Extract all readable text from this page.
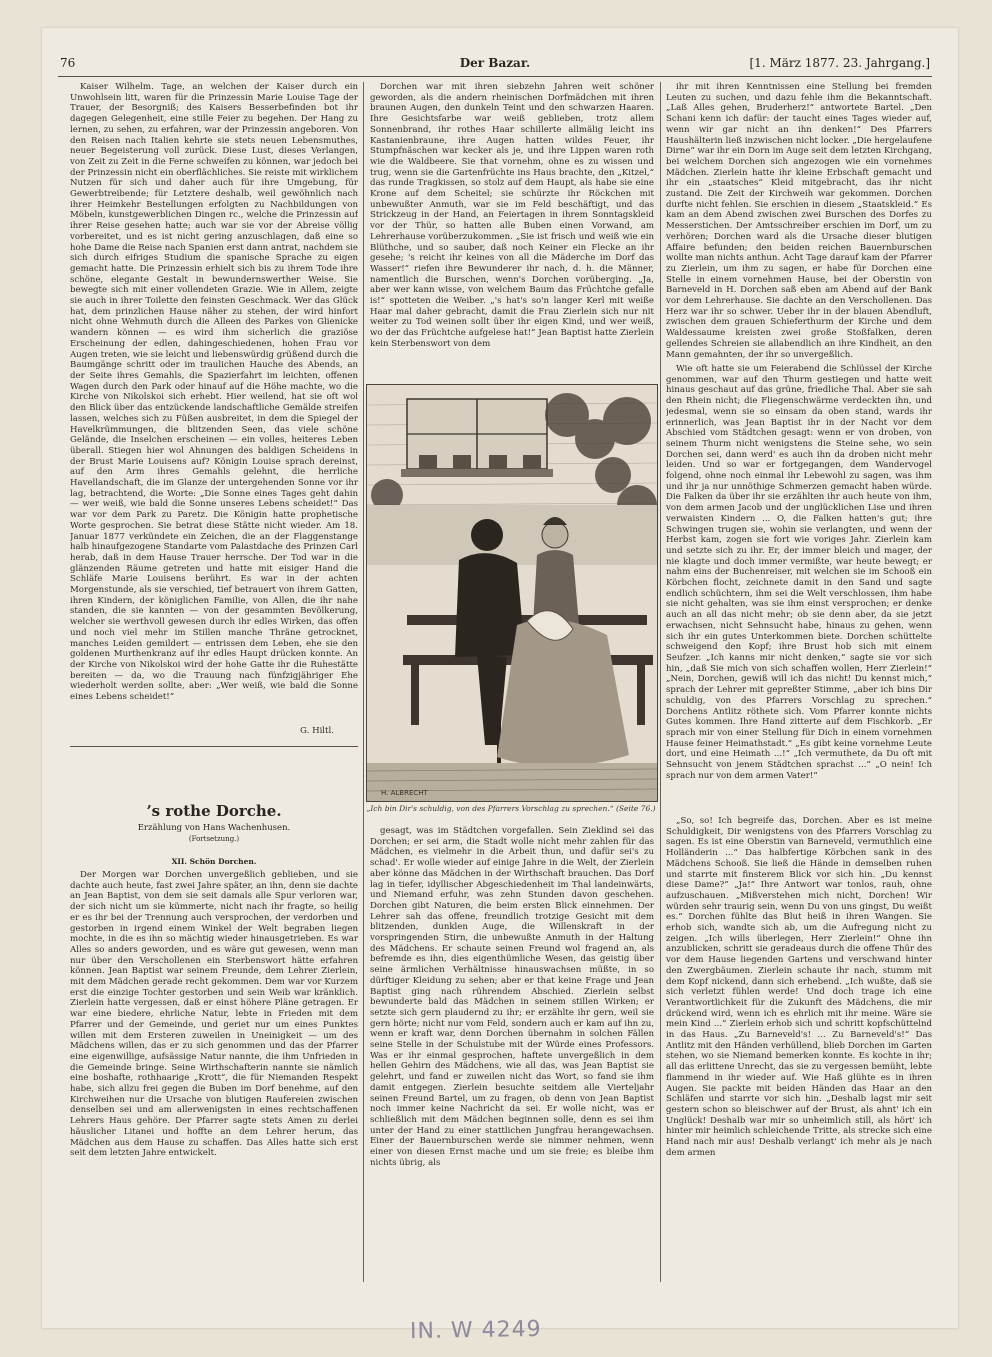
76	Der Bazar.	[1. März 1877. 23. Jahrgang.]

Kaiser Wilhelm. Tage, an welchen der Kaiser durch ein Unwohlsein litt, waren für die Prinzessin Marie Louise Tage der Trauer, der Besorgniß; des Kaisers Besserbefinden bot ihr dagegen Gelegenheit, eine stille Feier zu begehen. Der Hang zu lernen, zu sehen, zu erfahren, war der Prinzessin angeboren. Von den Reisen nach Italien kehrte sie stets neuen Lebensmuthes, neuer Begeisterung voll zurück. Diese Lust, dieses Verlangen, von Zeit zu Zeit in die Ferne schweifen zu können, war jedoch bei der Prinzessin nicht ein oberflächliches. Sie reiste mit wirklichem Nutzen für sich und daher auch für ihre Umgebung, für Gewerbtreibende; für Letztere deshalb, weil gewöhnlich nach ihrer Heimkehr Bestellungen erfolgten zu Nachbildungen von Möbeln, kunstgewerblichen Dingen rc., welche die Prinzessin auf ihrer Reise gesehen hatte; auch war sie vor der Abreise völlig vorbereitet, und es ist nicht gering anzuschlagen, daß eine so hohe Dame die Reise nach Spanien erst dann antrat, nachdem sie sich durch eifriges Studium die spanische Sprache zu eigen gemacht hatte. Die Prinzessin erhielt sich bis zu ihrem Tode ihre schöne, elegante Gestalt in bewundernswerther Weise. Sie bewegte sich mit einer vollendeten Grazie. Wie in Allem, zeigte sie auch in ihrer Toilette den feinsten Geschmack. Wer das Glück hat, dem prinzlichen Hause näher zu stehen, der wird hinfort nicht ohne Wehmuth durch die Alleen des Parkes von Glienicke wandern können — es wird ihm sicherlich die graziöse Erscheinung der edlen, dahingeschiedenen, hohen Frau vor Augen treten, wie sie leicht und liebenswürdig grüßend durch die Baumgänge schritt oder im traulichen Hauche des Abends, an der Seite ihres Gemahls, die Spazierfahrt im leichten, offenen Wagen durch den Park oder hinauf auf die Höhe machte, wo die Kirche von Nikolskoi sich erhebt. Hier weilend, hat sie oft wol den Blick über das entzückende landschaftliche Gemälde streifen lassen, welches sich zu Füßen ausbreitet, in dem die Spiegel der Havelkrümmungen, die blitzenden Seen, das viele schöne Gelände, die Inselchen erscheinen — ein volles, heiteres Leben überall. Stiegen hier wol Ahnungen des baldigen Scheidens in der Brust Marie Louisens auf? Königin Louise sprach dereinst, auf den Arm ihres Gemahls gelehnt, die herrliche Havellandschaft, die im Glanze der untergehenden Sonne vor ihr lag, betrachtend, die Worte: „Die Sonne eines Tages geht dahin — wer weiß, wie bald die Sonne unseres Lebens scheidet!“ Das war vor dem Park zu Paretz. Die Königin hatte prophetische Worte gesprochen. Sie betrat diese Stätte nicht wieder. Am 18. Januar 1877 verkündete ein Zeichen, die an der Flaggenstange halb hinaufgezogene Standarte vom Palastdache des Prinzen Carl herab, daß in dem Hause Trauer herrsche. Der Tod war in die glänzenden Räume getreten und hatte mit eisiger Hand die Schläfe Marie Louisens berührt. Es war in der achten Morgenstunde, als sie verschied, tief betrauert von ihrem Gatten, ihren Kindern, der königlichen Familie, von Allen, die ihr nahe standen, die sie kannten — von der gesammten Bevölkerung, welcher sie werthvoll gewesen durch ihr edles Wirken, das offen und noch viel mehr im Stillen manche Thräne getrocknet, manches Leiden gemildert — entrissen dem Leben, ehe sie den goldenen Murthenkranz auf ihr edles Haupt drücken konnte. An der Kirche von Nikolskoi wird der hohe Gatte ihr die Ruhestätte bereiten — da, wo die Trauung nach fünfzigjähriger Ehe wiederholt werden sollte, aber: „Wer weiß, wie bald die Sonne eines Lebens scheidet!“

G. Hiltl.

’s rothe Dorche.
Erzählung von Hans Wachenhusen.
(Fortsetzung.)
XII. Schön Dorchen.

Der Morgen war Dorchen unvergeßlich geblieben, und sie dachte auch heute, fast zwei Jahre später, an ihn, denn sie dachte an Jean Baptist, von dem sie seit damals alle Spur verloren war, der sich nicht um sie kümmerte, nicht nach ihr fragte, so heilig er es ihr bei der Trennung auch versprochen, der verdorben und gestorben in irgend einem Winkel der Welt begraben liegen mochte, in die es ihn so mächtig wieder hinausgetrieben. Es war Alles so anders geworden, und es wäre gut gewesen, wenn man nur über den Verschollenen ein Sterbenswort hätte erfahren können. Jean Baptist war seinem Freunde, dem Lehrer Zierlein, mit dem Mädchen gerade recht gekommen. Dem war vor Kurzem erst die einzige Tochter gestorben und sein Weib war kränklich. Zierlein hatte vergessen, daß er einst höhere Pläne getragen. Er war eine biedere, ehrliche Natur, lebte in Frieden mit dem Pfarrer und der Gemeinde, und geriet nur um eines Punktes willen mit dem Ersteren zuweilen in Uneinigkeit — um des Mädchens willen, das er zu sich genommen und das der Pfarrer eine eigenwillige, aufsässige Natur nannte, die ihm Unfrieden in die Gemeinde bringe. Seine Wirthschafterin nannte sie nämlich eine boshafte, rothhaarige „Krott“, die für Niemanden Respekt habe, sich allzu frei gegen die Buben im Dorf benehme, auf den Kirchweihen nur die Ursache von blutigen Raufereien zwischen denselben sei und am allerwenigsten in eines rechtschaffenen Lehrers Haus gehöre. Der Pfarrer sagte stets Amen zu derlei häuslicher Litanei und hoffte an dem Lehrer herum, das Mädchen aus dem Hause zu schaffen. Das Alles hatte sich erst seit dem letzten Jahre entwickelt.

Dorchen war mit ihren siebzehn Jahren weit schöner geworden, als die andern rheinischen Dorfmädchen mit ihren braunen Augen, den dunkeln Teint und den schwarzen Haaren. Ihre Gesichtsfarbe war weiß geblieben, trotz allem Sonnenbrand, ihr rothes Haar schillerte allmälig leicht ins Kastanienbraune, ihre Augen hatten wildes Feuer, ihr Stumpfnäschen war kecker als je, und ihre Lippen waren roth wie die Waldbeere. Sie that vornehm, ohne es zu wissen und trug, wenn sie die Gartenfrüchte ins Haus brachte, den „Kitzel,“ das runde Tragkissen, so stolz auf dem Haupt, als habe sie eine Krone auf dem Scheitel; sie schürzte ihr Röckchen mit unbewußter Anmuth, war sie im Feld beschäftigt, und das Strickzeug in der Hand, an Feiertagen in ihrem Sonntagskleid vor der Thür, so hatten alle Buben einen Vorwand, am Lehrerhause vorüberzukommen. „Sie ist frisch und weiß wie ein Blüthche, und so sauber, daß noch Keiner ein Flecke an ihr gesehe; 's reicht ihr keines von all die Mäderche im Dorf das Wasser!“ riefen ihre Bewunderer ihr nach, d. h. die Männer, namentlich die Burschen, wenn's Dorchen vorüberging. „Ja, aber wer kann wisse, von welchem Baum das Früchtche gefalle is!“ spotteten die Weiber. „'s hat's so'n langer Kerl mit weiße Haar mal daher gebracht, damit die Frau Zierlein sich nur nit weiter zu Tod weinen sollt über ihr eigen Kind, und wer weiß, wo der das Früchtche aufgelese hat!“ Jean Baptist hatte Zierlein kein Sterbenswort von dem

H. ALBRECHT
„Ich bin Dir's schuldig, von des Pfarrers Vorschlag zu sprechen.“ (Seite 76.)

gesagt, was im Städtchen vorgefallen. Sein Zieklind sei das Dorchen; er sei arm, die Stadt wolle nicht mehr zahlen für das Mädchen, es vielmehr in die Arbeit thun, und dafür sei's zu schad'. Er wolle wieder auf einige Jahre in die Welt, der Zierlein aber könne das Mädchen in der Wirthschaft brauchen. Das Dorf lag in tiefer, idyllischer Abgeschiedenheit im Thal landeinwärts, und Niemand erfuhr, was zehn Stunden davon geschehen. Dorchen gibt Naturen, die beim ersten Blick einnehmen. Der Lehrer sah das offene, freundlich trotzige Gesicht mit dem blitzenden, dunklen Auge, die Willenskraft in der vorspringenden Stirn, die unbewußte Anmuth in der Haltung des Mädchens. Er schaute seinen Freund wol fragend an, als befremde es ihn, dies eigenthümliche Wesen, das geistig über seine ärmlichen Verhältnisse hinauswachsen müßte, in so dürftiger Kleidung zu sehen; aber er that keine Frage und Jean Baptist ging nach rührendem Abschied. Zierlein selbst bewunderte bald das Mädchen in seinem stillen Wirken; er setzte sich gern plaudernd zu ihr; er erzählte ihr gern, weil sie gern hörte; nicht nur vom Feld, sondern auch er kam auf ihn zu, wenn er kraft war, denn Dorchen übernahm in solchen Fällen seine Stelle in der Schulstube mit der Würde eines Professors. Was er ihr einmal gesprochen, haftete unvergeßlich in dem hellen Gehirn des Mädchens, wie all das, was Jean Baptist sie gelehrt, und fand er zuweilen nicht das Wort, so fand sie ihm damit entgegen. Zierlein besuchte seitdem alle Vierteljahr seinen Freund Bartel, um zu fragen, ob denn von Jean Baptist noch immer keine Nachricht da sei. Er wolle nicht, was er schließlich mit dem Mädchen beginnen solle, denn es sei ihm unter der Hand zu einer stattlichen Jungfrau herangewachsen. Einer der Bauernburschen werde sie nimmer nehmen, wenn einer von diesen Ernst mache und um sie freie; es bleibe ihm nichts übrig, als

ihr mit ihren Kenntnissen eine Stellung bei fremden Leuten zu suchen, und dazu fehle ihm die Bekanntschaft. „Laß Alles gehen, Bruderherz!“ antwortete Bartel. „Den Schani kenn ich dafür: der taucht eines Tages wieder auf, wenn wir gar nicht an ihn denken!“ Des Pfarrers Haushälterin ließ inzwischen nicht locker. „Die hergelaufene Dirne“ war ihr ein Dorn im Auge seit dem letzten Kirchgang, bei welchem Dorchen sich angezogen wie ein vornehmes Mädchen. Zierlein hatte ihr kleine Erbschaft gemacht und ihr ein „staatsches“ Kleid mitgebracht, das ihr nicht zustand. Die Zeit der Kirchweih war gekommen. Dorchen durfte nicht fehlen. Sie erschien in diesem „Staatskleid.“ Es kam an dem Abend zwischen zwei Burschen des Dorfes zu Messerstichen. Der Amtsschreiber erschien im Dorf, um zu verhören; Dorchen ward als die Ursache dieser blutigen Affaire befunden; den beiden reichen Bauernburschen wollte man nichts anthun. Acht Tage darauf kam der Pfarrer zu Zierlein, um ihm zu sagen, er habe für Dorchen eine Stelle in einem vornehmen Hause, bei der Oberstin von Barneveld in H. Dorchen saß eben am Abend auf der Bank vor dem Lehrerhause. Sie dachte an den Verschollenen. Das Herz war ihr so schwer. Ueber ihr in der blauen Abendluft, zwischen dem grauen Schieferthurm der Kirche und dem Waldessaume kreisten zwei große Stoßfalken, deren gellendes Schreien sie allabendlich an ihre Kindheit, an den Mann gemahnten, der ihr so unvergeßlich.

Wie oft hatte sie um Feierabend die Schlüssel der Kirche genommen, war auf den Thurm gestiegen und hatte weit hinaus geschaut auf das grüne, friedliche Thal. Aber sie sah den Rhein nicht; die Fliegenschwärme verdeckten ihn, und jedesmal, wenn sie so einsam da oben stand, wards ihr erinnerlich, was Jean Baptist ihr in der Nacht vor dem Abschied vom Städtchen gesagt: wenn er von droben, von seinem Thurm nicht wenigstens die Steine sehe, wo sein Dorchen sei, dann werd' es auch ihn da droben nicht mehr leiden. Und so war er fortgegangen, dem Wandervogel folgend, ohne noch einmal ihr Lebewohl zu sagen, was ihm und ihr ja nur unnöthige Schmerzen gemacht haben würde. Die Falken da über ihr sie erzählten ihr auch heute von ihm, von dem armen Jacob und der unglücklichen Lise und ihren verwaisten Kindern ... O, die Falken hatten's gut; ihre Schwingen trugen sie, wohin sie verlangten, und wenn der Herbst kam, zogen sie fort wie voriges Jahr. Zierlein kam und setzte sich zu ihr. Er, der immer bleich und mager, der nie klagte und doch immer vermißte, war heute bewegt; er nahm eins der Buchenreiser, mit welchen sie im Schooß ein Körbchen flocht, zeichnete damit in den Sand und sagte endlich schüchtern, ihm sei die Welt verschlossen, ihm habe sie nicht gehalten, was sie ihm einst versprochen; er denke auch an all das nicht mehr; ob sie denn aber, da sie jetzt erwachsen, nicht Sehnsucht habe, hinaus zu gehen, wenn sich ihr ein gutes Unterkommen biete. Dorchen schüttelte schweigend den Kopf; ihre Brust hob sich mit einem Seufzer. „Ich kanns mir nicht denken,“ sagte sie vor sich hin, „daß Sie mich von sich schaffen wollen, Herr Zierlein!“ „Nein, Dorchen, gewiß will ich das nicht! Du kennst mich,“ sprach der Lehrer mit gepreßter Stimme, „aber ich bins Dir schuldig, von des Pfarrers Vorschlag zu sprechen.“ Dorchens Antlitz röthete sich. Vom Pfarrer konnte nichts Gutes kommen. Ihre Hand zitterte auf dem Fischkorb. „Er sprach mir von einer Stellung für Dich in einem vornehmen Hause feiner Heimathstadt.“ „Es gibt keine vornehme Leute dort, und eine Heimath ...!“ „Ich vermuthete, da Du oft mit Sehnsucht von jenem Städtchen sprachst ...“ „O nein! Ich sprach nur von dem armen Vater!“

„So, so! Ich begreife das, Dorchen. Aber es ist meine Schuldigkeit, Dir wenigstens von des Pfarrers Vorschlag zu sagen. Es ist eine Oberstin van Barneveld, vermuthlich eine Holländerin ...“ Das halbfertige Körbchen sank in des Mädchens Schooß. Sie ließ die Hände in demselben ruhen und starrte mit finsterem Blick vor sich hin. „Du kennst diese Dame?“ „Ja!“ Ihre Antwort war tonlos, rauh, ohne aufzuschauen. „Mißverstehen mich nicht, Dorchen! Wir würden sehr traurig sein, wenn Du von uns gingst, Du weißt es.“ Dorchen fühlte das Blut heiß in ihren Wangen. Sie erhob sich, wandte sich ab, um die Aufregung nicht zu zeigen. „Ich wills überlegen, Herr Zierlein!“ Ohne ihn anzublicken, schritt sie geradeaus durch die offene Thür des vor dem Hause liegenden Gartens und verschwand hinter den Zwergbäumen. Zierlein schaute ihr nach, stumm mit dem Kopf nickend, dann sich erhebend. „Ich wußte, daß sie sich verletzt fühlen werde! Und doch trage ich eine Verantwortlichkeit für die Zukunft des Mädchens, die mir drückend wird, wenn ich es ehrlich mit ihr meine. Wäre sie mein Kind ...“ Zierlein erhob sich und schritt kopfschüttelnd in das Haus. „Zu Barneveld's! ... Zu Barneveld's!“ Das Antlitz mit den Händen verhüllend, blieb Dorchen im Garten stehen, wo sie Niemand bemerken konnte. Es kochte in ihr; all das erlittene Unrecht, das sie zu vergessen bemüht, lebte flammend in ihr wieder auf. Wie Haß glühte es in ihren Augen. Sie packte mit beiden Händen das Haar an den Schläfen und starrte vor sich hin. „Deshalb lagst mir seit gestern schon so bleischwer auf der Brust, als ahnt' ich ein Unglück! Deshalb war mir so unheimlich still, als hört' ich hinter mir heimlich schleichende Tritte, als strecke sich eine Hand nach mir aus! Deshalb verlangt' ich mehr als je nach dem armen

IN. W 4249
